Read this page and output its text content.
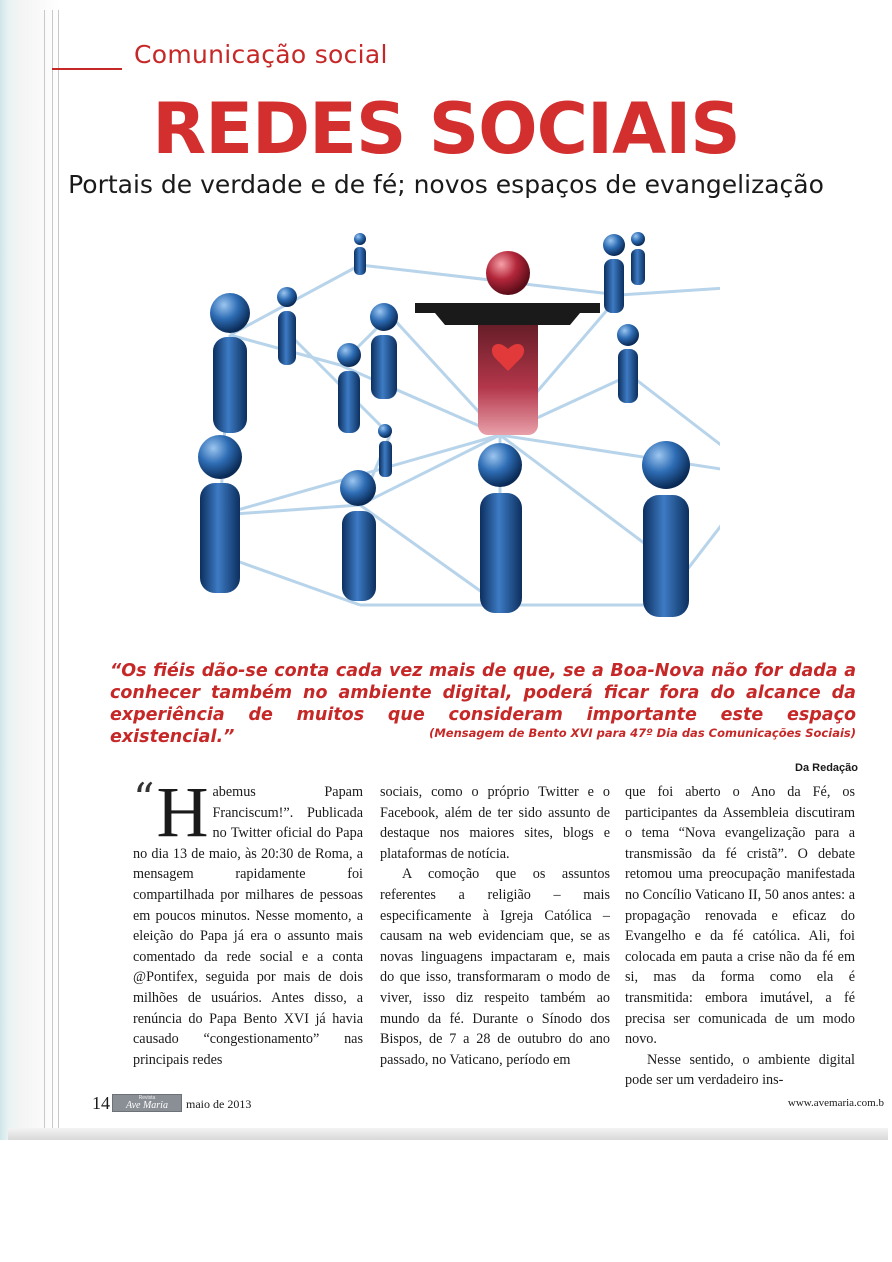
Comunicação social
REDES SOCIAIS
Portais de verdade e de fé; novos espaços de evangelização
“Os fiéis dão-se conta cada vez mais de que, se a Boa-Nova não for dada a conhecer também no ambiente digital, poderá ficar fora do alcance da experiência de muitos que consideram importante este espaço existencial.”	(Mensagem de Bento XVI para 47º Dia das Comunicações Sociais)
Da Redação

“ H abemus Papam Franciscum!”. Publicada no Twitter oficial do Papa no dia 13 de maio, às 20:30 de Roma, a mensagem rapidamente foi compartilhada por milhares de pessoas em poucos minutos. Nesse momento, a eleição do Papa já era o assunto mais comentado da rede social e a conta @Pontifex, seguida por mais de dois milhões de usuários. Antes disso, a renúncia do Papa Bento XVI já havia causado “congestionamento” nas principais redes

sociais, como o próprio Twitter e o Facebook, além de ter sido assunto de destaque nos maiores sites, blogs e plataformas de notícia.

A comoção que os assuntos referentes a religião – mais especificamente à Igreja Católica – causam na web evidenciam que, se as novas linguagens impactaram e, mais do que isso, transformaram o modo de viver, isso diz respeito também ao mundo da fé. Durante o Sínodo dos Bispos, de 7 a 28 de outubro do ano passado, no Vaticano, período em

que foi aberto o Ano da Fé, os participantes da Assembleia discutiram o tema “Nova evangelização para a transmissão da fé cristã”. O debate retomou uma preocupação manifestada no Concílio Vaticano II, 50 anos antes: a propagação renovada e eficaz do Evangelho e da fé católica. Ali, foi colocada em pauta a crise não da fé em si, mas da forma como ela é transmitida: embora imutável, a fé precisa ser comunicada de um modo novo.

Nesse sentido, o ambiente digital pode ser um verdadeiro ins-

14	Revista
Ave Maria maio de 2013	www.avemaria.com.b
